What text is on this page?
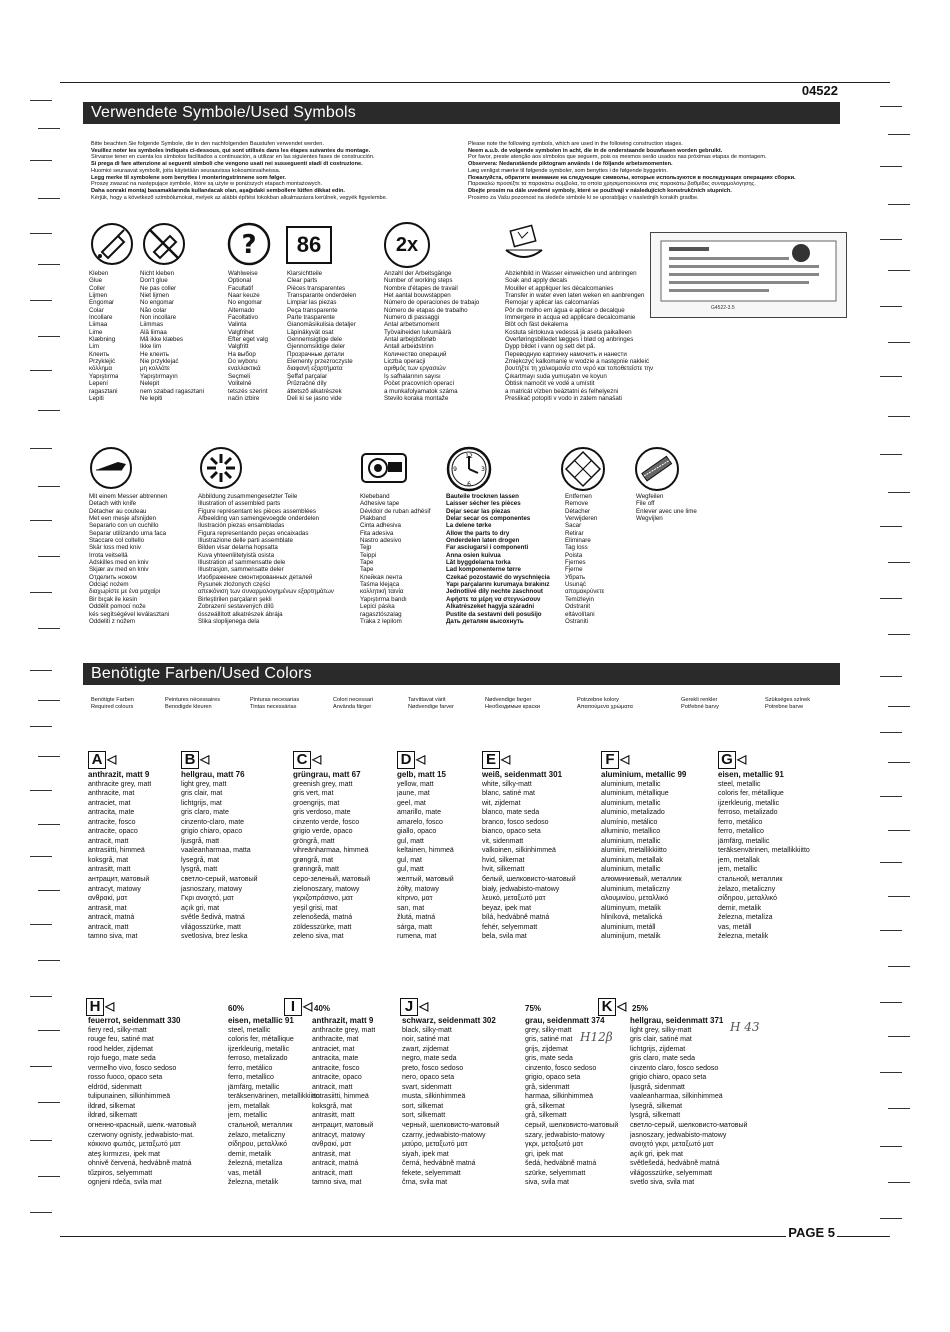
04522
PAGE 5
Verwendete Symbole/Used Symbols
Bitte beachten Sie folgende Symbole, die in den nachfolgenden Baustufen verwendet werden.
Veuillez noter les symboles indiqués ci-dessous, qui sont utilisés dans les étapes suivantes du montage.
Sírvanse tener en cuenta los símbolos facilitados a continuación, a utilizar en las siguientes fases de construcción.
Si prega di fare attenzione ai seguenti simboli che vengono usati nei susseguenti stadi di costruzione.
Huomioi seuraavat symbolit, joita käytetään seuraavissa kokoamisvaiheissa.
Legg merke til symbolene som benyttes i monteringstrinnene som følger.
Proszę zwazać na następujące symbole, które są użyte w poniższych etapach montażowych.
Daha sonraki montaj basamaklarında kullanılacak olan, aşağıdaki sembollere lütfen dikkat edin.
Kérjük, hogy a következő szimbólumokat, melyek az alábbi építési lokokban alkalmazásra kerülnek, vegyék figyelembe.
Please note the following symbols, which are used in the following construction stages.
Neem a.u.b. de volgende symbolen in acht, die in de onderstaande bouwfasen worden gebruikt.
Por favor, preste atenção aos símbolos que seguem, pois os mesmos serão usados nas próximas etapas de montagem.
Observera: Nedanstående piktogram används i de följande arbetsmomenten.
Læg venligst mærke til følgende symboler, som benyttes i de følgende byggetrin.
Пожалуйста, обратите внимание на следующие символы, которые используются в последующих операциях сборки.
Παρακαλώ προσέξτε τα παρακάτω σύμβολα, τα οποία χρησιμοποιούνται στις παρακάτω βαθμίδες συναρμολόγησης.
Dbejte prosím na dále uvedené symboly, které se používají v následujících konstrukčních stupních.
Prosimo za Vašu pozornost na sledeče simbole ki se uporabljajo v naslednjih korakih gradbe.
?	86	2x
G4522-3.5
Kleben
Glue
Coller
Lijmen
Engomar
Colar
Incollare
Liimaa
Lime
Klæbning
Lim
Клеить
Przyklejić
κόλλημα
Yapıştırma
Lepení
ragasztani
Lepiti
Nicht kleben
Don't glue
Ne pas coller
Niet lijmen
No engomar
Não colar
Non incollare
Liimmas
Älä liimaa
Må ikke klæbes
Ikke lim
Не клеить
Nie przyklejać
μη κολλάτε
Yapıştırmayın
Nelepit
nem szabad ragasztani
Ne lepiti
Wahlweise
Optional
Facultatif
Naar keuze
No engomar
Alternado
Facoltativo
Valinta
Valgfrihet
Efter eget valg
Valgfritt
На выбор
Do wyboru
εναλλακτικά
Seçmeli
Volitelně
tetszés szerint
način izbire
Klarsichtteile
Clear parts
Pièces transparentes
Transparante onderdelen
Limpiar las piezas
Peça transparente
Parte trasparente
Gianomäsikulisia detaljer
Läpinäkyvät osat
Gennemsigtige dele
Gjennomsiktige deler
Прозрачные детали
Elementy przezroczyste
διαφανή εξαρτήματα
Şeffaf parçalar
Průzračné díly
áttetsző alkatrészek
Deli ki se jasno vide
Anzahl der Arbeitsgänge
Number of working steps
Nombre d'étapes de travail
Het aantal bouwstappen
Número de operaciones de trabajo
Número de etapas de trabalho
Numero di passaggi
Antal arbetsmoment
Työvaiheiden lukumäärä
Antal arbejdsforløb
Antall arbeidstrinn
Количество операций
Liczba operacji
αριθμός των εργασιών
İş safhalarının sayısı
Počet pracovních operací
a munkafolyamatok száma
Število koraka montaže
Abziehbild in Wasser einweichen und anbringen
Soak and apply decals
Mouiller et appliquer les décalcomanies
Transfer in water even laten weken en aanbrengen
Remojar y aplicar las calcomanías
Pôr de molho em água e aplicar o decalque
Immergere in acqua ed applicare decalcomanie
Blöt och fäst dekalerna
Kostuta siirtokuva vedessä ja aseta paikalleen
Overføringsbilledet lægges i blød og anbringes
Dypp bildet i vann og sett det på.
Переводную картинку намочить и нанести
Zmiękczyć kalkomanię w wodzie a następnie nakleić
βουτήξτε τη χαλκομανία στο νερό και τοποθετείστε την
Çıkartmayı suda yumuşatın ve koyun
Obtisk namočit ve vodě a umístit
a matricát vízben beáztatni és felhelyezni
Preslikač potopiti v vodo in zatem nanašati
12
3
6
9
Mit einem Messer abtrennen
Detach with knife
Détacher au couteau
Met een mesje afsnijden
Separarlo con un cuchillo
Separar utilizando uma faca
Staccare col coltello
Skär loss med kniv
Irrota veitsellä
Adskilles med en kniv
Skjær av med en kniv
Отделить ножом
Odciąć nożem
διαχωρίστε με ένα μαχαίρι
Bir bıçak ile kesin
Oddělit pomocí nože
kés segítségével leválasztani
Oddeliti z nožem
Abbildung zusammengesetzter Teile
Illustration of assembled parts
Figure représentant les pièces assemblées
Afbeelding van samengevoegde onderdelen
Ilustración piezas ensambladas
Figura representando peças encaixadas
Illustrazione delle parti assemblate
Bilden visar delarna hopsatta
Kuva yhteenliitetyistä osista
Illustration af sammensatte dele
Illustrasjon, sammensatte deler
Изображение смонтированных деталей
Rysunek złożonych części
απεικόνιση των συναρμολογημένων εξαρτημάτων
Birleştirilen parçaların şekli
Zobrazení sestavených dílů
összeállított alkatrészek ábrája
Slika sloplijenega dela
Klebeband
Adhesive tape
Dévidoir de ruban adhésif
Plakband
Cinta adhesiva
Fita adesiva
Nastro adesivo
Tejp
Teippi
Tape
Tape
Клейкая лента
Taśma klejąca
κολλητική ταινία
Yapıştırma bandı
Lepicí páska
ragasztószalag
Traka z lepilom
Bauteile trocknen lassen
Laisser sécher les pièces
Dejar secar las piezas
Delar secar os componentes
La delene tørke
Allow the parts to dry
Onderdelen laten drogen
Far asciugarsi i componenti
Anna osien kuivua
Låt byggdelarna torka
Lad komponenterne tørre
Czekać pozostawić do wyschnięcia
Yapı parçalarını kurumaya bırakınız
Jednotlivé díly nechte zaschnout
Αφήστε τα μέρη να στεγνώσουν
Alkatrészeket hagyja száradni
Pustite da sestavni deli posušijo
Дать деталям высохнуть
Entfernen
Remove
Détacher
Verwijderen
Sacar
Retirar
Eliminare
Tag loss
Poista
Fjernes
Fjerne
Убрать
Usunąć
απομακρύνετε
Temizleyin
Odstranit
eltávolítani
Ostraniti
Wegfeilen
File off
Enlever avec une lime
Wegvijlen
Benötigte Farben/Used Colors
Benötigte Farben
Required colours
Peintures nécessaires
Benodigde kleuren
Pinturas necesarias
Tintas necessárias
Colori necessari
Använda färger
Tarvittavat värit
Nødvendige farver
Nødvendige farger
Необходимые краски
Potrzebne kolory
Απαιτούμενα χρώματα
Gerekli renkler
Potřebné barvy
Szükséges színek
Potrebne barve
A ◁
anthrazit, matt 9
anthracite grey, matt
anthracite, mat
antraciet, mat
antracita, mate
antracite, fosco
antracite, opaco
antracit, matt
antrasiitti, himmeä
koksgrå, mat
antrasitt, matt
антрацит, матовый
antracyt, matowy
ανθρακί, ματ
antrasit, mat
antracit, matná
antracit, matt
tamno siva, mat
B ◁
hellgrau, matt 76
light grey, matt
gris clair, mat
lichtgrijs, mat
gris claro, mate
cinzento-claro, mate
grigio chiaro, opaco
ljusgrå, matt
vaaleanharmaa, matta
lysegrå, mat
lysgrå, matt
светло-серый, матовый
jasnoszary, matowy
Γκρι ανοιχτό, ματ
açık gri, mat
světle šedivá, matná
világosszürke, matt
svetlosiva, brez leska
C ◁
grüngrau, matt 67
greenish grey, matt
gris vert, mat
groengrijs, mat
gris verdoso, mate
cinzento verde, fosco
grigio verde, opaco
gröngrå, matt
vihreänharmaa, himmeä
grøngrå, mat
grønngrå, matt
серо-зеленый, матовый
zielonoszary, matowy
γκριζοπράσινο, ματ
yeşil grisi, mat
zelenošedá, matná
zöldesszürke, matt
zeleno siva, mat
D ◁
gelb, matt 15
yellow, matt
jaune, mat
geel, mat
amarillo, mate
amarelo, fosco
giallo, opaco
gul, matt
keltainen, himmeä
gul, mat
gul, matt
желтый, матовый
żółty, matowy
κίτρινο, ματ
sarı, mat
žlutá, matná
sárga, matt
rumena, mat
E ◁
weiß, seidenmatt 301
white, silky-matt
blanc, satiné mat
wit, zijdemat
blanco, mate seda
branco, fosco sedoso
bianco, opaco seta
vit, sidenmatt
valkoinen, silkinhimmeä
hvid, silkemat
hvit, silkematt
белый, шелковисто-матовый
biały, jedwabisto-matowy
λευκό, μεταξωτό ματ
beyaz, ipek mat
bílá, hedvábně matná
fehér, selyemmatt
bela, svila mat
F ◁
aluminium, metallic 99
aluminium, metallic
aluminium, métallique
aluminium, metallic
aluminio, metalizado
alumínio, metálico
alluminio, metallico
aluminium, metallic
alumiini, metallikkiitto
aluminium, metallak
aluminium, metallic
алюминиевый, металлик
aluminium, metaliczny
αλουμινίου, μεταλλικό
alüminyum, metalik
hliníková, metalická
aluminium, metáll
aluminijum, metalik
G ◁
eisen, metallic 91
steel, metallic
coloris fer, métallique
ijzerkleurig, metallic
ferroso, metalizado
ferro, metálico
ferro, metallico
järnfärg, metallic
teräksenvärinen, metallikkiitto
jern, metallak
jern, metallic
стальной, металлик
żelazo, metaliczny
σίδηρου, μεταλλικό
demir, metalik
železna, metalíza
vas, metáll
železna, metalik
H ◁
feuerrot, seidenmatt 330
fiery red, silky-matt
rouge feu, satiné mat
rood helder, zijdemat
rojo fuego, mate seda
vermelho vivo, fosco sedoso
rosso fuoco, opaco seta
eldröd, sidenmatt
tulipunainen, silkinhimmeä
ildrød, silkemat
ildrød, silkematt
огненно-красный, шелк.-матовый
czerwony ognisty, jedwabisto-mat.
κόκκινο φωτιάς, μεταξωτό ματ
ateş kırmızısı, ipek mat
ohnivě červená, hedvábně matná
tűzpiros, selyemmatt
ognjeni rdeča, svila mat
60%	I ◁ 40%
eisen, metallic 91
steel, metallic
coloris fer, métallique
ijzerkleurig, metallic
ferroso, metalizado
ferro, metálico
ferro, metallico
järnfärg, metallic
teräksenvärinen, metallikkiitto
jern, metallak
jern, metallic
стальной, металлик
żelazo, metaliczny
σίδηρου, μεταλλικό
demir, metalik
železná, metalíza
vas, metáll
železna, metalik
anthrazit, matt 9
anthracite grey, matt
anthracite, mat
antraciet, mat
antracita, mate
antracite, fosco
antracite, opaco
antracit, matt
antrasiitti, himmeä
koksgrå, mat
antrasitt, matt
антрацит, матовый
antracyt, matowy
ανθρακί, ματ
antrasit, mat
antracit, matná
antracit, matt
tamno siva, mat
J ◁
schwarz, seidenmatt 302
black, silky-matt
noir, satiné mat
zwart, zijdemat
negro, mate seda
preto, fosco sedoso
nero, opaco seta
svart, sidenmatt
musta, silkinhimmeä
sort, silkemat
sort, silkematt
черный, шелковисто-матовый
czarny, jedwabisto-matowy
μαύρο, μεταξωτό ματ
siyah, ipek mat
černá, hedvábně matná
fekete, selyemmatt
črna, svila mat
75%	K ◁ 25%
grau, seidenmatt 374
grey, silky-matt
gris, satiné mat
grijs, zijdemat
gris, mate seda
cinzento, fosco sedoso
grigio, opaco seta
grå, sidenmatt
harmaa, silkinhimmeä
grå, silkemat
grå, silkematt
серый, шелковисто-матовый
szary, jedwabisto-matowy
γκρι, μεταξωτό ματ
gri, ipek mat
šedá, hedvábně matná
szürke, selyemmatt
siva, svila mat
hellgrau, seidenmatt 371
light grey, silky-matt
gris clair, satiné mat
lichtgrijs, zijdemat
gris claro, mate seda
cinzento claro, fosco sedoso
grigio chiaro, opaco seta
ljusgrå, sidenmatt
vaaleanharmaa, silkinhimmeä
lysegrå, silkemat
lysgrå, silkematt
светло-серый, шелковисто-матовый
jasnoszary, jedwabisto-matowy
ανοιχτό γκρι, μεταξωτό ματ
açık gri, ipek mat
světlešedá, hedvábně matná
világosszürke, selyemmatt
svetlo siva, svila mat
H12β
H 43
